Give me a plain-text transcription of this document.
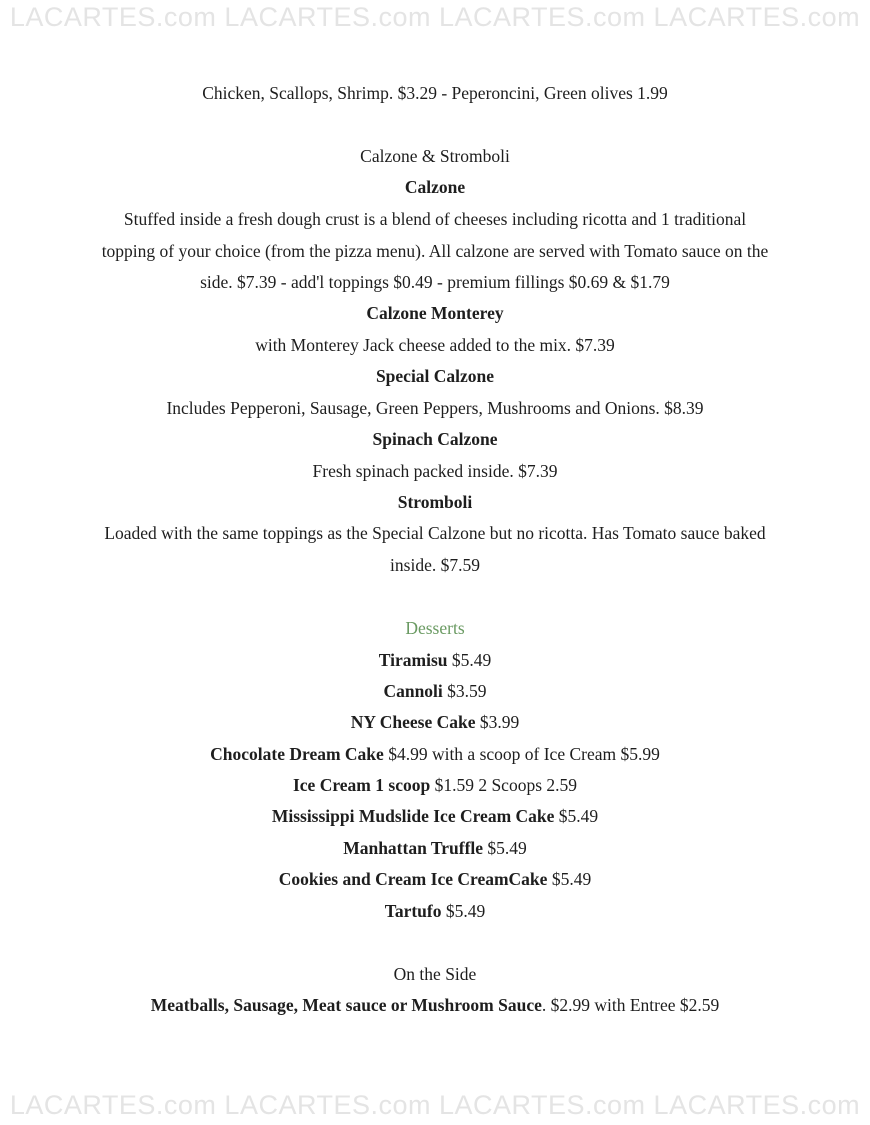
LACARTES.com LACARTES.com LACARTES.com LACARTES.com
Chicken, Scallops, Shrimp. $3.29 - Peperoncini, Green olives 1.99
Calzone & Stromboli
Calzone
Stuffed inside a fresh dough crust is a blend of cheeses including ricotta and 1 traditional
topping of your choice (from the pizza menu). All calzone are served with Tomato sauce on the
side. $7.39 - add'l toppings $0.49 - premium fillings $0.69 & $1.79
Calzone Monterey
with Monterey Jack cheese added to the mix. $7.39
Special Calzone
Includes Pepperoni, Sausage, Green Peppers, Mushrooms and Onions. $8.39
Spinach Calzone
Fresh spinach packed inside. $7.39
Stromboli
Loaded with the same toppings as the Special Calzone but no ricotta. Has Tomato sauce baked
inside. $7.59
Desserts
Tiramisu $5.49
Cannoli $3.59
NY Cheese Cake $3.99
Chocolate Dream Cake $4.99 with a scoop of Ice Cream $5.99
Ice Cream 1 scoop $1.59 2 Scoops 2.59
Mississippi Mudslide Ice Cream Cake $5.49
Manhattan Truffle $5.49
Cookies and Cream Ice CreamCake $5.49
Tartufo $5.49
On the Side
Meatballs, Sausage, Meat sauce or Mushroom Sauce. $2.99 with Entree $2.59
LACARTES.com LACARTES.com LACARTES.com LACARTES.com
